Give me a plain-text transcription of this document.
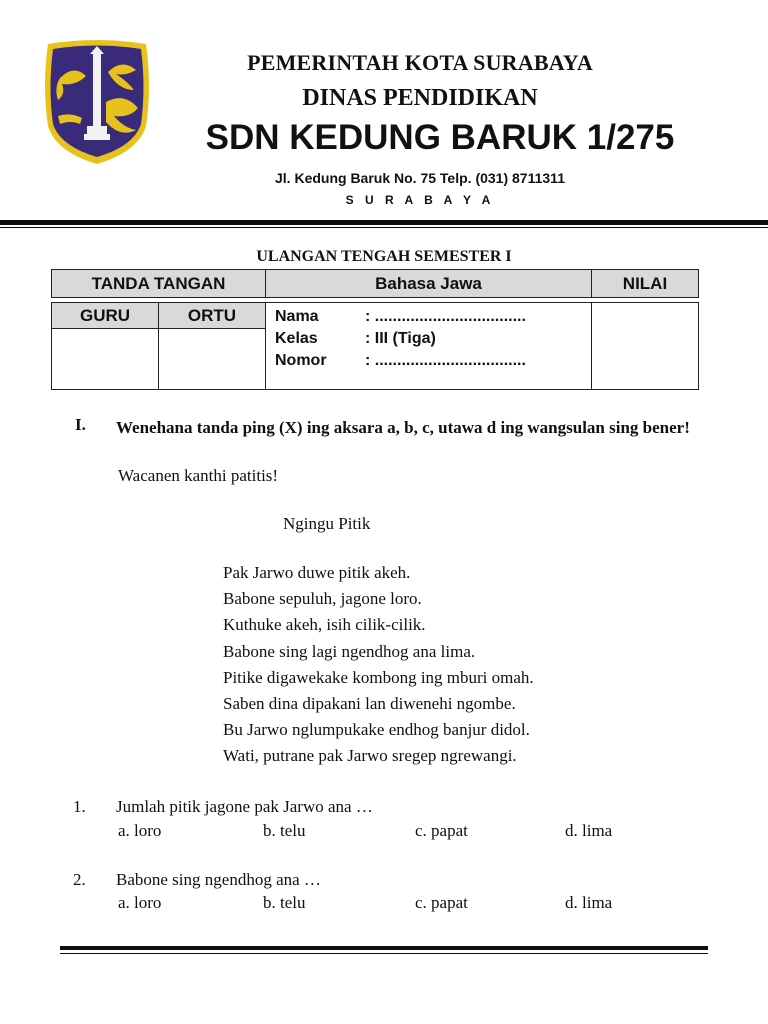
PEMERINTAH KOTA SURABAYA
DINAS PENDIDIKAN
SDN KEDUNG BARUK 1/275
Jl. Kedung Baruk No. 75 Telp. (031) 8711311
S U R A B A Y A
ULANGAN TENGAH SEMESTER I
TANDA TANGAN	Bahasa Jawa	NILAI
GURU	ORTU	Nama	: ..................................
Kelas	: III (Tiga)
Nomor	: ..................................
I. Wenehana tanda ping (X) ing aksara a, b, c, utawa d ing wangsulan sing bener!
Wacanen kanthi patitis!
Ngingu Pitik
Pak Jarwo duwe pitik akeh.
Babone sepuluh, jagone loro.
Kuthuke akeh, isih cilik-cilik.
Babone sing lagi ngendhog ana lima.
Pitike digawekake kombong ing mburi omah.
Saben dina dipakani lan diwenehi ngombe.
Bu Jarwo nglumpukake endhog banjur didol.
Wati, putrane pak Jarwo sregep ngrewangi.
1. Jumlah pitik jagone pak Jarwo ana …
a. loro	b. telu	c. papat	d. lima
2. Babone sing ngendhog ana …
a. loro	b. telu	c. papat	d. lima
